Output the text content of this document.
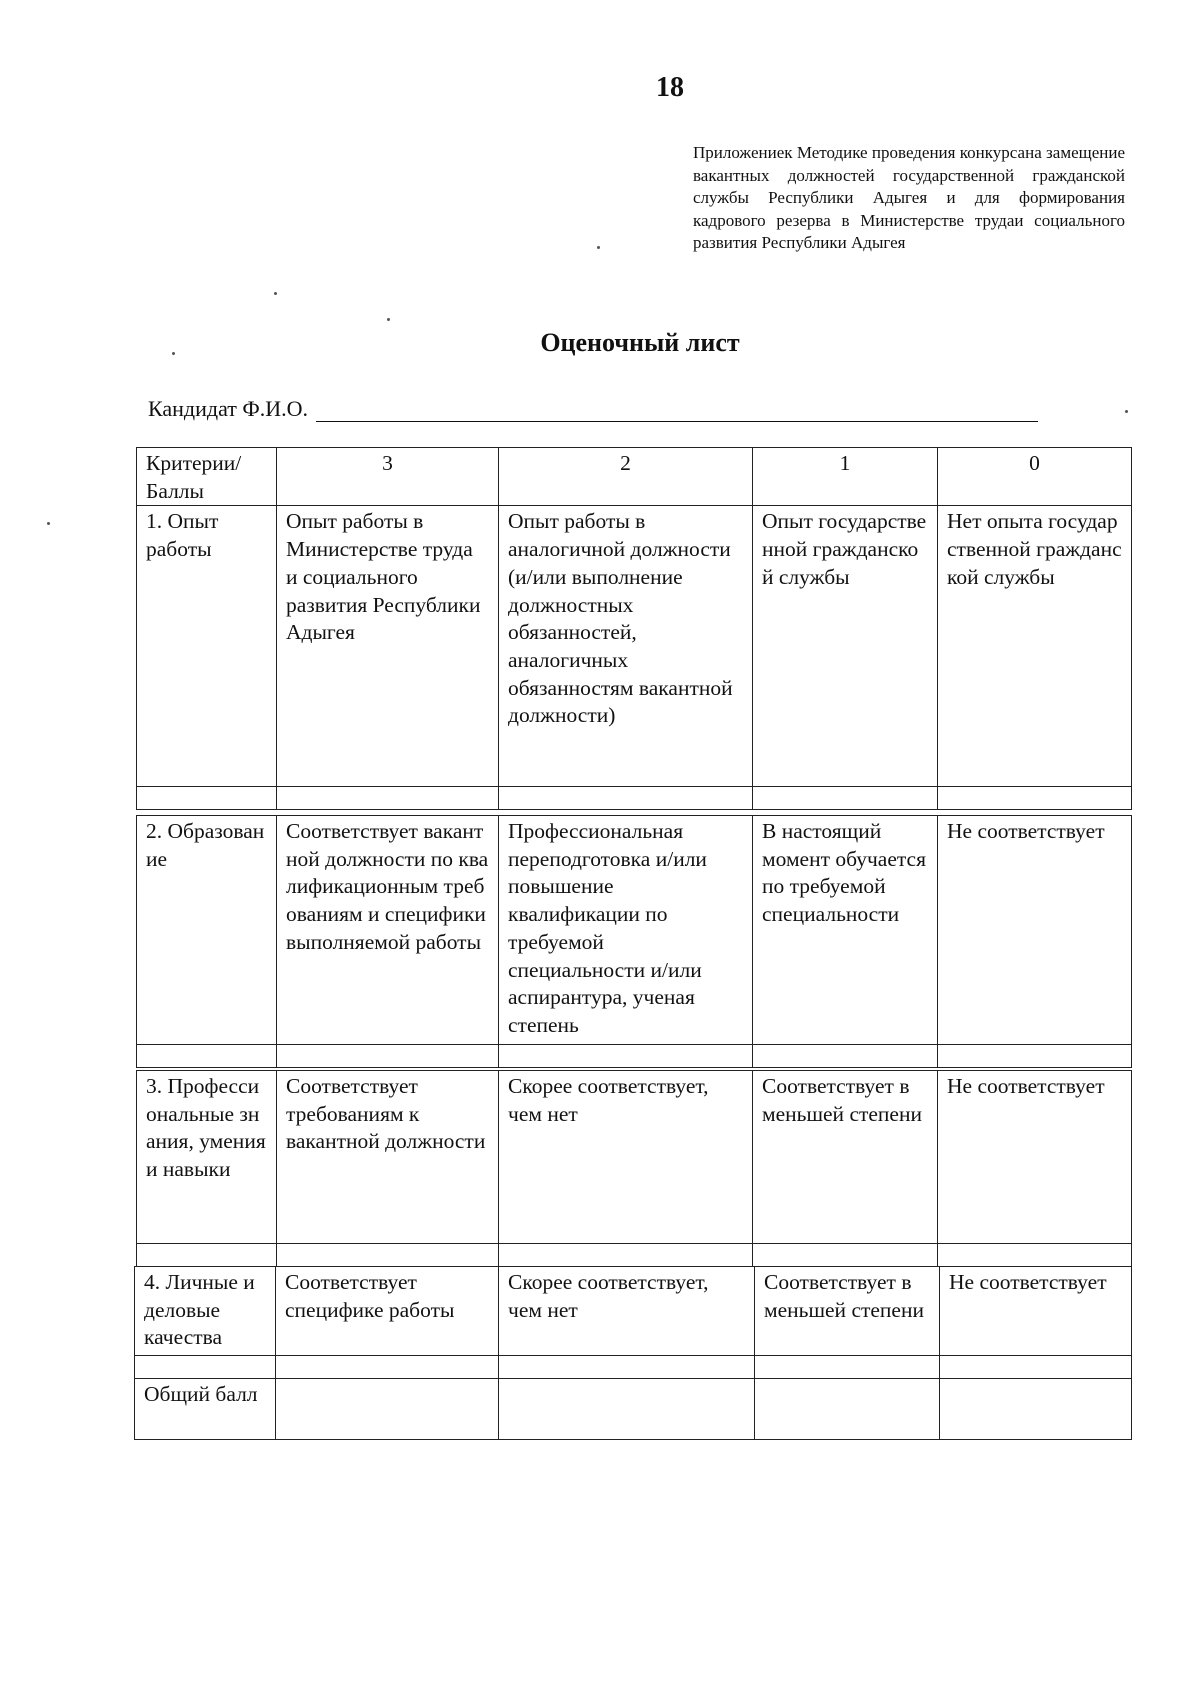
18
Приложениек Методике проведения конкурсана замещение вакантных должностей государственной гражданской службы Республики Адыгея и для формирования кадрового резерва в Министерстве трудаи социального развития Республики Адыгея
Оценочный лист
Кандидат Ф.И.О.
Критерии/ Баллы	3	2	1	0
1. Опыт работы	Опыт работы в Министерстве труда и социального развития Республики Адыгея	Опыт работы в аналогичной должности (и/или выполнение должностных обязанностей, аналогичных обязанностям вакантной должности)	Опыт государственной гражданской службы	Нет опыта государственной гражданской службы

2. Образование	Соответствует вакантной должности по квалификационным требованиям и специфики выполняемой работы	Профессиональная переподготовка и/или повышение квалификации по требуемой специальности и/или аспирантура, ученая степень	В настоящий момент обучается по требуемой специальности	Не соответствует

3. Профессиональные знания, умения и навыки	Соответствует требованиям к вакантной должности	Скорее соответствует, чем нет	Соответствует в меньшей степени	Не соответствует

4. Личные и деловые качества	Соответствует специфике работы	Скорее соответствует, чем нет	Соответствует в меньшей степени	Не соответствует

Общий балл				
